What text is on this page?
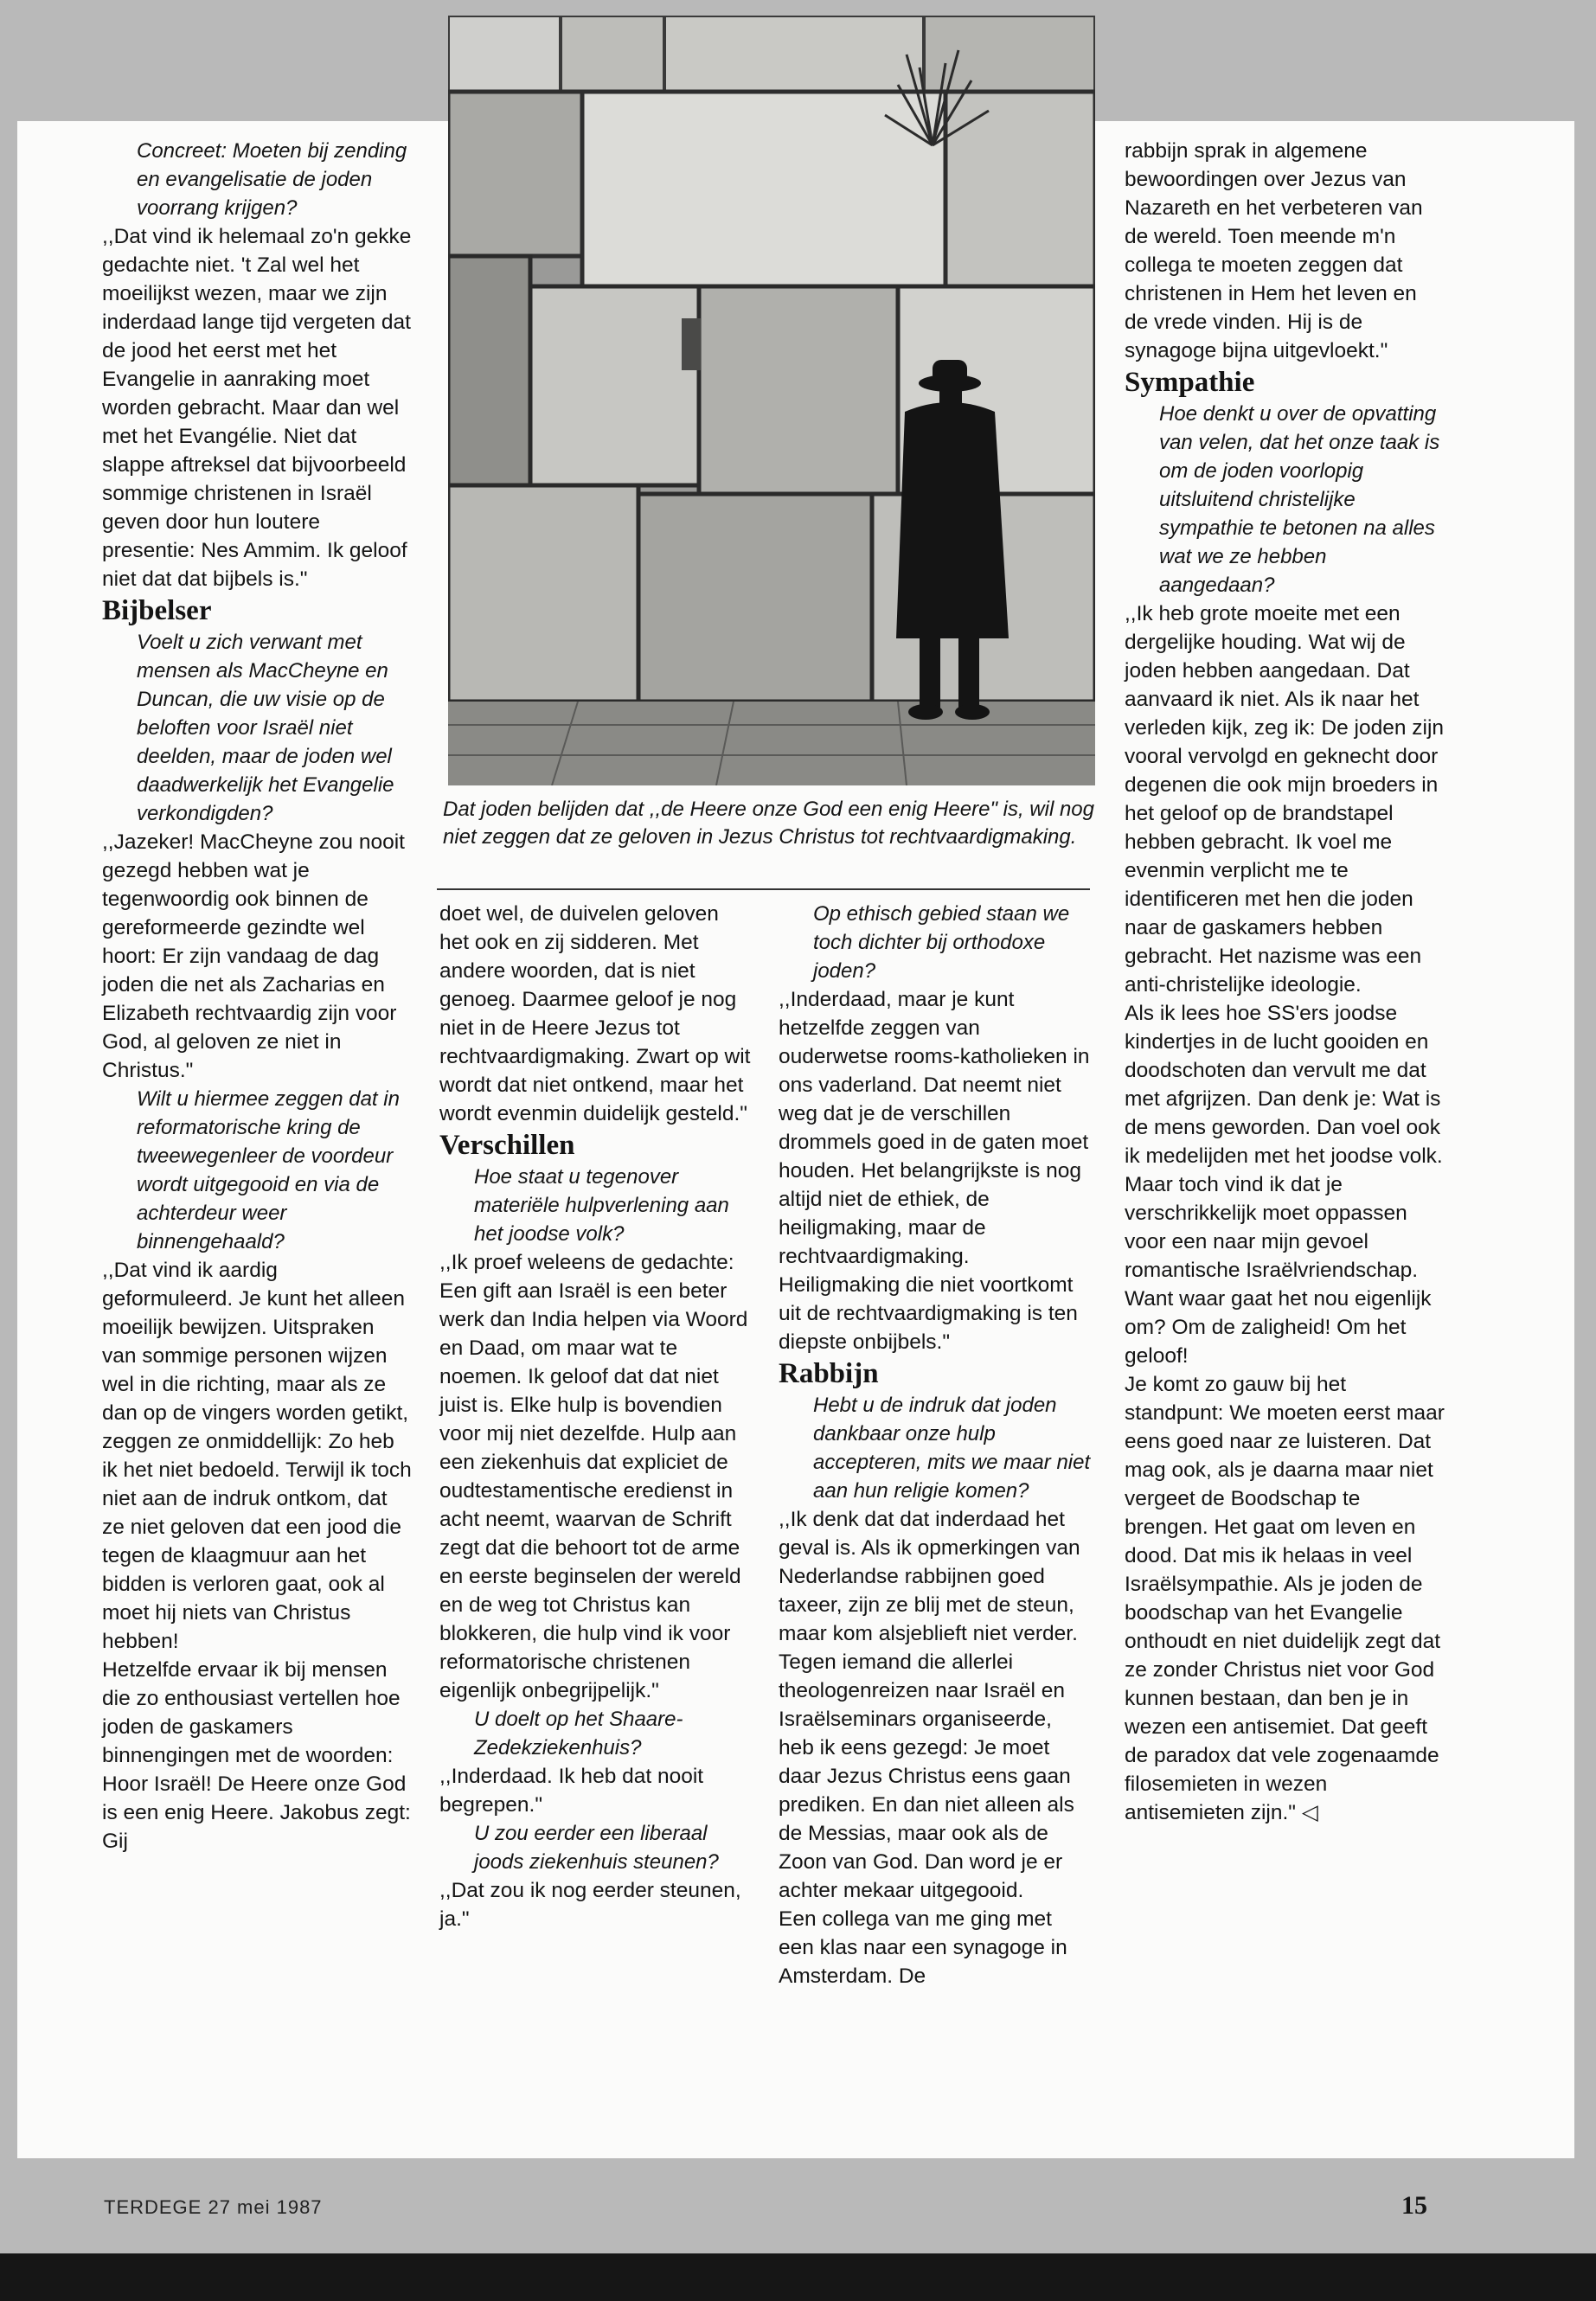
Dat joden belijden dat ,,de Heere onze God een enig Heere" is, wil nog niet zeggen dat ze geloven in Jezus Christus tot rechtvaardigmaking.

Concreet: Moeten bij zending en evangelisatie de joden voorrang krijgen?

,,Dat vind ik helemaal zo'n gekke gedachte niet. 't Zal wel het moeilijkst wezen, maar we zijn inderdaad lange tijd vergeten dat de jood het eerst met het Evangelie in aanraking moet worden gebracht. Maar dan wel met het Evangélie. Niet dat slappe aftreksel dat bijvoorbeeld sommige christenen in Israël geven door hun loutere presentie: Nes Ammim. Ik geloof niet dat dat bijbels is."

Bijbelser

Voelt u zich verwant met mensen als MacCheyne en Duncan, die uw visie op de beloften voor Israël niet deelden, maar de joden wel daadwerkelijk het Evangelie verkondigden?

,,Jazeker! MacCheyne zou nooit gezegd hebben wat je tegenwoordig ook binnen de gereformeerde gezindte wel hoort: Er zijn vandaag de dag joden die net als Zacharias en Elizabeth rechtvaardig zijn voor God, al geloven ze niet in Christus."

Wilt u hiermee zeggen dat in reformatorische kring de tweewegenleer de voordeur wordt uitgegooid en via de achterdeur weer binnengehaald?

,,Dat vind ik aardig geformuleerd. Je kunt het alleen moeilijk bewijzen. Uitspraken van sommige personen wijzen wel in die richting, maar als ze dan op de vingers worden getikt, zeggen ze onmiddellijk: Zo heb ik het niet bedoeld. Terwijl ik toch niet aan de indruk ontkom, dat ze niet geloven dat een jood die tegen de klaagmuur aan het bidden is verloren gaat, ook al moet hij niets van Christus hebben!

Hetzelfde ervaar ik bij mensen die zo enthousiast vertellen hoe joden de gaskamers binnengingen met de woorden: Hoor Israël! De Heere onze God is een enig Heere. Jakobus zegt: Gij

doet wel, de duivelen geloven het ook en zij sidderen. Met andere woorden, dat is niet genoeg. Daarmee geloof je nog niet in de Heere Jezus tot rechtvaardigmaking. Zwart op wit wordt dat niet ontkend, maar het wordt evenmin duidelijk gesteld."

Verschillen

Hoe staat u tegenover materiële hulpverlening aan het joodse volk?

,,Ik proef weleens de gedachte: Een gift aan Israël is een beter werk dan India helpen via Woord en Daad, om maar wat te noemen. Ik geloof dat dat niet juist is. Elke hulp is bovendien voor mij niet dezelfde. Hulp aan een ziekenhuis dat expliciet de oudtestamentische eredienst in acht neemt, waarvan de Schrift zegt dat die behoort tot de arme en eerste beginselen der wereld en de weg tot Christus kan blokkeren, die hulp vind ik voor reformatorische christenen eigenlijk onbegrijpelijk."

U doelt op het Shaare-Zedekziekenhuis?

,,Inderdaad. Ik heb dat nooit begrepen."

U zou eerder een liberaal joods ziekenhuis steunen?

,,Dat zou ik nog eerder steunen, ja."

Op ethisch gebied staan we toch dichter bij orthodoxe joden?

,,Inderdaad, maar je kunt hetzelfde zeggen van ouderwetse rooms-katholieken in ons vaderland. Dat neemt niet weg dat je de verschillen drommels goed in de gaten moet houden. Het belangrijkste is nog altijd niet de ethiek, de heiligmaking, maar de rechtvaardigmaking. Heiligmaking die niet voortkomt uit de rechtvaardigmaking is ten diepste onbijbels."

Rabbijn

Hebt u de indruk dat joden dankbaar onze hulp accepteren, mits we maar niet aan hun religie komen?

,,Ik denk dat dat inderdaad het geval is. Als ik opmerkingen van Nederlandse rabbijnen goed taxeer, zijn ze blij met de steun, maar kom alsjeblieft niet verder. Tegen iemand die allerlei theologenreizen naar Israël en Israëlseminars organiseerde, heb ik eens gezegd: Je moet daar Jezus Christus eens gaan prediken. En dan niet alleen als de Messias, maar ook als de Zoon van God. Dan word je er achter mekaar uitgegooid.

Een collega van me ging met een klas naar een synagoge in Amsterdam. De

rabbijn sprak in algemene bewoordingen over Jezus van Nazareth en het verbeteren van de wereld. Toen meende m'n collega te moeten zeggen dat christenen in Hem het leven en de vrede vinden. Hij is de synagoge bijna uitgevloekt."

Sympathie

Hoe denkt u over de opvatting van velen, dat het onze taak is om de joden voorlopig uitsluitend christelijke sympathie te betonen na alles wat we ze hebben aangedaan?

,,Ik heb grote moeite met een dergelijke houding. Wat wij de joden hebben aangedaan. Dat aanvaard ik niet. Als ik naar het verleden kijk, zeg ik: De joden zijn vooral vervolgd en geknecht door degenen die ook mijn broeders in het geloof op de brandstapel hebben gebracht. Ik voel me evenmin verplicht me te identificeren met hen die joden naar de gaskamers hebben gebracht. Het nazisme was een anti-christelijke ideologie.

Als ik lees hoe SS'ers joodse kindertjes in de lucht gooiden en doodschoten dan vervult me dat met afgrijzen. Dan denk je: Wat is de mens geworden. Dan voel ook ik medelijden met het joodse volk. Maar toch vind ik dat je verschrikkelijk moet oppassen voor een naar mijn gevoel romantische Israëlvriendschap. Want waar gaat het nou eigenlijk om? Om de zaligheid! Om het geloof!

Je komt zo gauw bij het standpunt: We moeten eerst maar eens goed naar ze luisteren. Dat mag ook, als je daarna maar niet vergeet de Boodschap te brengen. Het gaat om leven en dood. Dat mis ik helaas in veel Israëlsympathie. Als je joden de boodschap van het Evangelie onthoudt en niet duidelijk zegt dat ze zonder Christus niet voor God kunnen bestaan, dan ben je in wezen een antisemiet. Dat geeft de paradox dat vele zogenaamde filosemieten in wezen antisemieten zijn." ◁

TERDEGE 27 mei 1987	15
